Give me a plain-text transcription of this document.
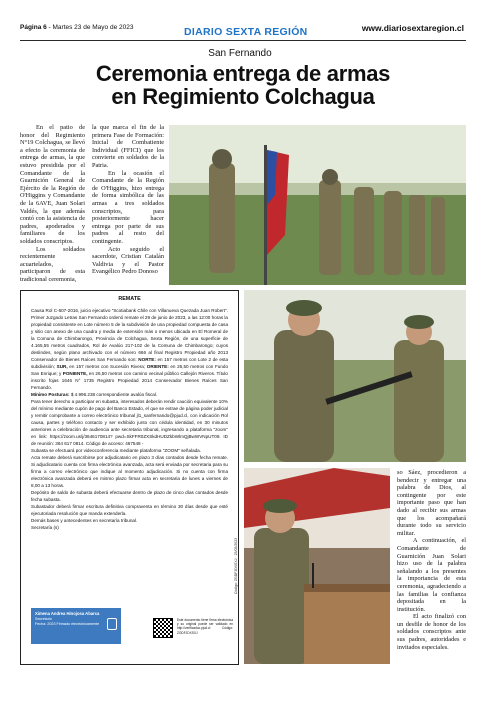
Página 6 - Martes 23 de Mayo de 2023	DIARIO SEXTA REGIÓN	www.diariosextaregion.cl
San Fernando
Ceremonia entrega de armas
en Regimiento Colchagua

En el patio de honor del Regimiento N°19 Colchagua, se llevó a efecto la ceremonia de entrega de armas, la que estuvo presidida por el Comandante de la Guarnición General de Ejército de la Región de O'Higgins y Comandante de la 6AVE, Juan Solari Valdés, la que además contó con la asistencia de padres, apoderados y familiares de los soldados conscriptos.

Los soldados recientemente acuartelados, participaron de esta tradicional ceremonia,

la que marca el fin de la primera Fase de Formación: Inicial de Combatiente Individual (FFICI) que los convierte en soldados de la Patria.

En la ocasión el Comandante de la Región de O'Higgins, hizo entrega de forma simbólica de las armas a tres soldados conscriptos, para posteriormente hacer entrega por parte de sus padres al resto del contingente.

Acto seguido el sacerdote, Cristian Catalán Valdivia y el Pastor Evangélico Pedro Donoso

REMATE

Causa Rol C-607-2016, juicio ejecutivo "Scotiabank Chile con Villanueva Quezada Juan Robert". Primer Juzgado Letras San Fernando ordenó remate el 29 de junio de 2023, a las 12:00 horas la propiedad consistente en Lote número 5 de la subdivisión de una propiedad compuesta de casa y sitio con anexo de una cuadra y media de extensión más o menos ubicada en El Romeral de la Comuna de Chimbarongo, Provincia de Colchagua, Sexta Región, de una superficie de 4.165,55 metros cuadrados, Rol de Avalúo 217-102 de la Comuna de Chimbarongo; cuyos deslindes, según plano archivado con el número 666 al final Registro Propiedad año 2013 Conservador de Bienes Raíces San Fernando son: NORTE: en 157 metros con Lote 2 de esta subdivisión; SUR, en 157 metros con Sucesión Rivera; ORIENTE: en 26,50 metros con Fundo San Enrique; y PONIENTE, en 26,50 metros con camino vecinal público Callejón Riveros. Título inscrito fojas 1646 N° 1735 Registro Propiedad 2014 Conservador Bienes Raíces San Fernando.

Mínimo Posturas: $ 4.996.238 correspondiente avalúo fiscal.

Para tener derecho a participar en subasta, interesados deberán rendir caución equivalente 10% del mínimo mediante cupón de pago del Banco Estado, el que se extrae de página poder judicial y remitir comprobante a correo electrónico tribunal jl1_sanfernando@pjud.cl, con indicación Rol causa, partes y teléfono contacto y ser exhibido junto con cédula identidad, en 30 minutos anteriores a celebración de audiencia ante secretaria tribunal, ingresando a plataforma "zoom" en link: https://zoom.us/j/3646170814? pwd=SkFFR0ZXSkdHUDZkbWlmQjBwWVNpUT09. ID de reunión: 364 617 0814. Código de acceso: 467548 -

Subasta se efectuará por videoconferencia mediante plataforma "ZOOM" señalada.

Acta remate deberá suscribirse por adjudicatario en plazo 3 días contados desde fecha remate. Si adjudicatario cuenta con firma electrónica avanzada, acta será enviada por secretaria para su firma a correo electrónico que indique al momento adjudicación. Si no cuenta con firma electrónica avanzada deberá en mismo plazo firmar acta en secretaria de lunes a viernes de 8,00 a 13 horas.

Depósito de saldo de subasta deberá efectuarse dentro de plazo de cinco días contados desde fecha subasta.

Subastador deberá firmar escritura definitiva compraventa en término 30 días desde que esté ejecutoriada resolución que manda extenderla.

Demás bases y antecedentes en secretaría tribunal.

Secretaría (s)

Ximena Andrea Hinojosa Abarca
Secretario
Fecha: 2023 Firmado electrónicamente
Este documento tiene firma electrónica y su original puede ser validado en http://verificadoc.pjud.cl Código: ZGDFJDXSXJ
Código: ZGDFJDXSXJ · 23/05/2023

so Sáez, procedieron a bendecir y entregar una palabra de Dios, al contingente por este importante paso que han dado al recibir sus armas que los acompañará durante todo su servicio militar.

A continuación, el Comandante de Guarnición Juan Solari hizo uso de la palabra señalando a los presentes la importancia de esta ceremonia, agradeciendo a las familias la confianza depositada en la institución.

El acto finalizó con un desfile de honor de los soldados conscriptos ante sus padres, autoridades e invitados especiales.
